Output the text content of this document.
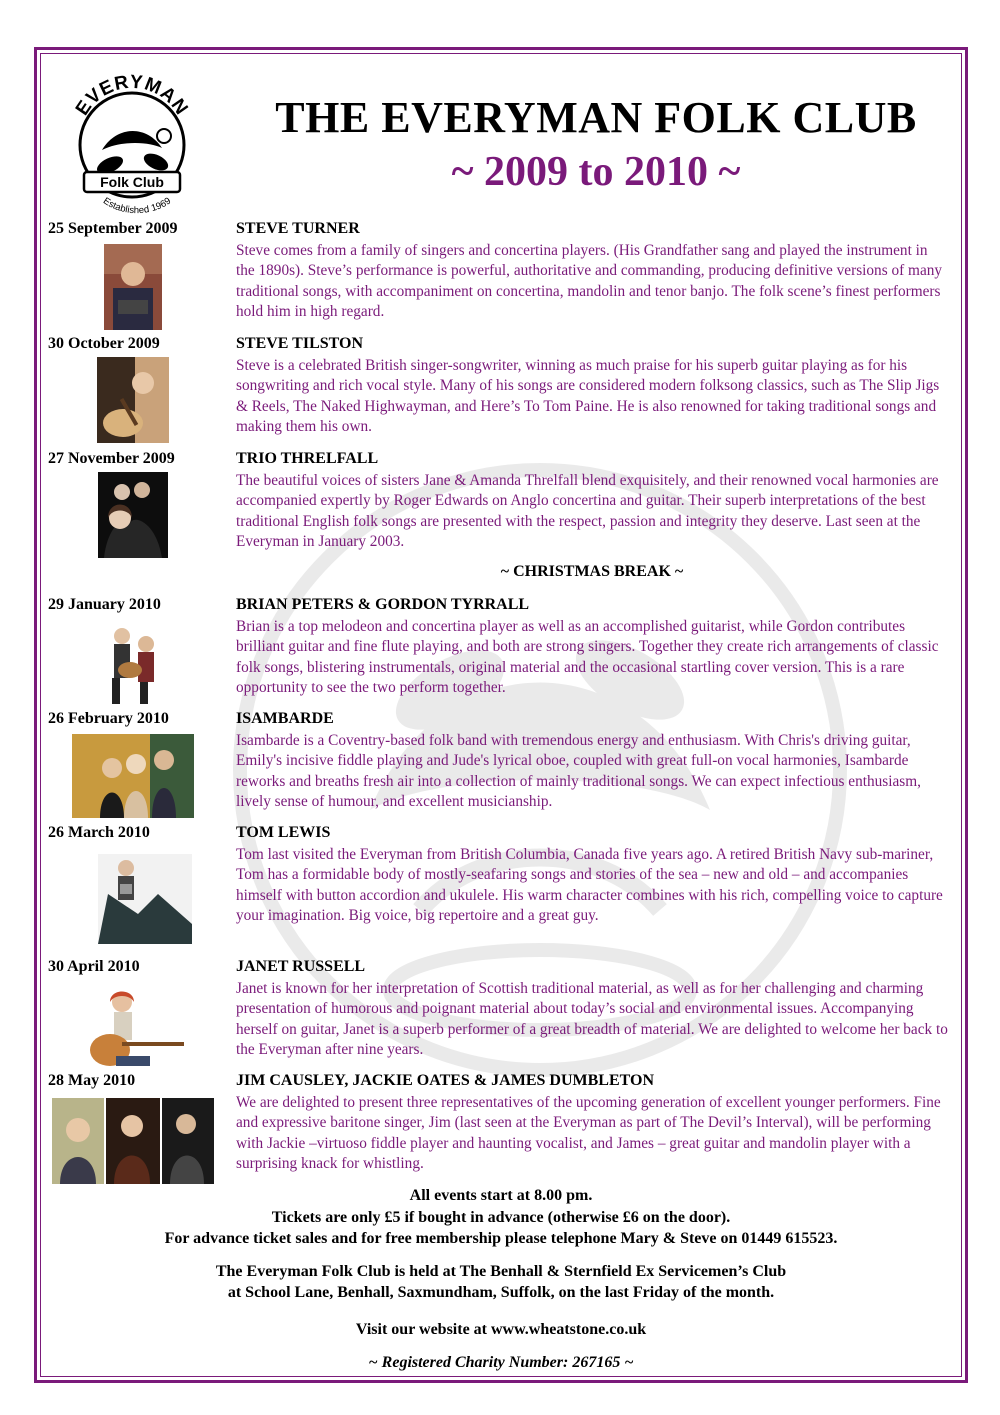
EVERYMAN
Folk Club
Established 1969
THE EVERYMAN FOLK CLUB
~ 2009 to 2010 ~
25 September 2009	STEVE TURNER
Steve comes from a family of singers and concertina players. (His Grandfather sang and played the instrument in the 1890s). Steve’s performance is powerful, authoritative and commanding, producing definitive versions of many traditional songs, with accompaniment on concertina, mandolin and tenor banjo. The folk scene’s finest performers hold him in high regard.
30 October 2009	STEVE TILSTON
Steve is a celebrated British singer-songwriter, winning as much praise for his superb guitar playing as for his songwriting and rich vocal style. Many of his songs are considered modern folksong classics, such as The Slip Jigs & Reels, The Naked Highwayman, and Here’s To Tom Paine. He is also renowned for taking traditional songs and making them his own.
27 November 2009	TRIO THRELFALL
The beautiful voices of sisters Jane & Amanda Threlfall blend exquisitely, and their renowned vocal harmonies are accompanied expertly by Roger Edwards on Anglo concertina and guitar. Their superb interpretations of the best traditional English folk songs are presented with the respect, passion and integrity they deserve. Last seen at the Everyman in January 2003.
~ CHRISTMAS BREAK ~
29 January 2010	BRIAN PETERS & GORDON TYRRALL
Brian is a top melodeon and concertina player as well as an accomplished guitarist, while Gordon contributes brilliant guitar and fine flute playing, and both are strong singers. Together they create rich arrangements of classic folk songs, blistering instrumentals, original material and the occasional startling cover version. This is a rare opportunity to see the two perform together.
26 February 2010	ISAMBARDE
Isambarde is a Coventry-based folk band with tremendous energy and enthusiasm. With Chris's driving guitar, Emily's incisive fiddle playing and Jude's lyrical oboe, coupled with great full-on vocal harmonies, Isambarde reworks and breaths fresh air into a collection of mainly traditional songs. We can expect infectious enthusiasm, lively sense of humour, and excellent musicianship.
26 March 2010	TOM LEWIS
Tom last visited the Everyman from British Columbia, Canada five years ago. A retired British Navy sub-mariner, Tom has a formidable body of mostly-seafaring songs and stories of the sea – new and old – and accompanies himself with button accordion and ukulele. His warm character combines with his rich, compelling voice to capture your imagination. Big voice, big repertoire and a great guy.
30 April 2010	JANET RUSSELL
Janet is known for her interpretation of Scottish traditional material, as well as for her challenging and charming presentation of humorous and poignant material about today’s social and environmental issues. Accompanying herself on guitar, Janet is a superb performer of a great breadth of material. We are delighted to welcome her back to the Everyman after nine years.
28 May 2010	JIM CAUSLEY, JACKIE OATES & JAMES DUMBLETON
We are delighted to present three representatives of the upcoming generation of excellent younger performers. Fine and expressive baritone singer, Jim (last seen at the Everyman as part of The Devil’s Interval), will be performing with Jackie –virtuoso fiddle player and haunting vocalist, and James – great guitar and mandolin player with a surprising knack for whistling.
All events start at 8.00 pm.
Tickets are only £5 if bought in advance (otherwise £6 on the door).
For advance ticket sales and for free membership please telephone Mary & Steve on 01449 615523.
The Everyman Folk Club is held at The Benhall & Sternfield Ex Servicemen’s Club
at School Lane, Benhall, Saxmundham, Suffolk, on the last Friday of the month.
Visit our website at www.wheatstone.co.uk
~ Registered Charity Number: 267165 ~
